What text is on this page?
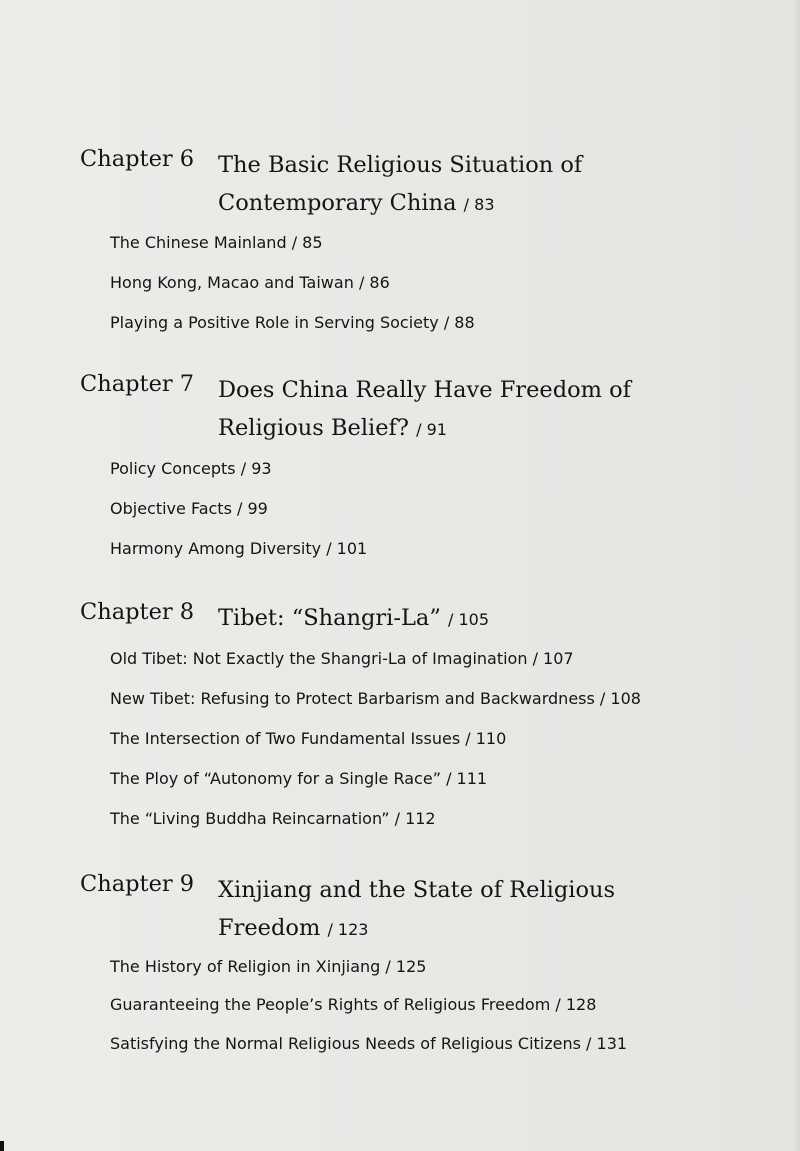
Chapter 6 The Basic Religious Situation of
Contemporary China / 83
The Chinese Mainland / 85
Hong Kong, Macao and Taiwan / 86
Playing a Positive Role in Serving Society / 88
Chapter 7 Does China Really Have Freedom of
Religious Belief? / 91
Policy Concepts / 93
Objective Facts / 99
Harmony Among Diversity / 101
Chapter 8 Tibet: “Shangri-La” / 105
Old Tibet: Not Exactly the Shangri-La of Imagination / 107
New Tibet: Refusing to Protect Barbarism and Backwardness / 108
The Intersection of Two Fundamental Issues / 110
The Ploy of “Autonomy for a Single Race” / 111
The “Living Buddha Reincarnation” / 112
Chapter 9 Xinjiang and the State of Religious
Freedom / 123
The History of Religion in Xinjiang / 125
Guaranteeing the People’s Rights of Religious Freedom / 128
Satisfying the Normal Religious Needs of Religious Citizens / 131
